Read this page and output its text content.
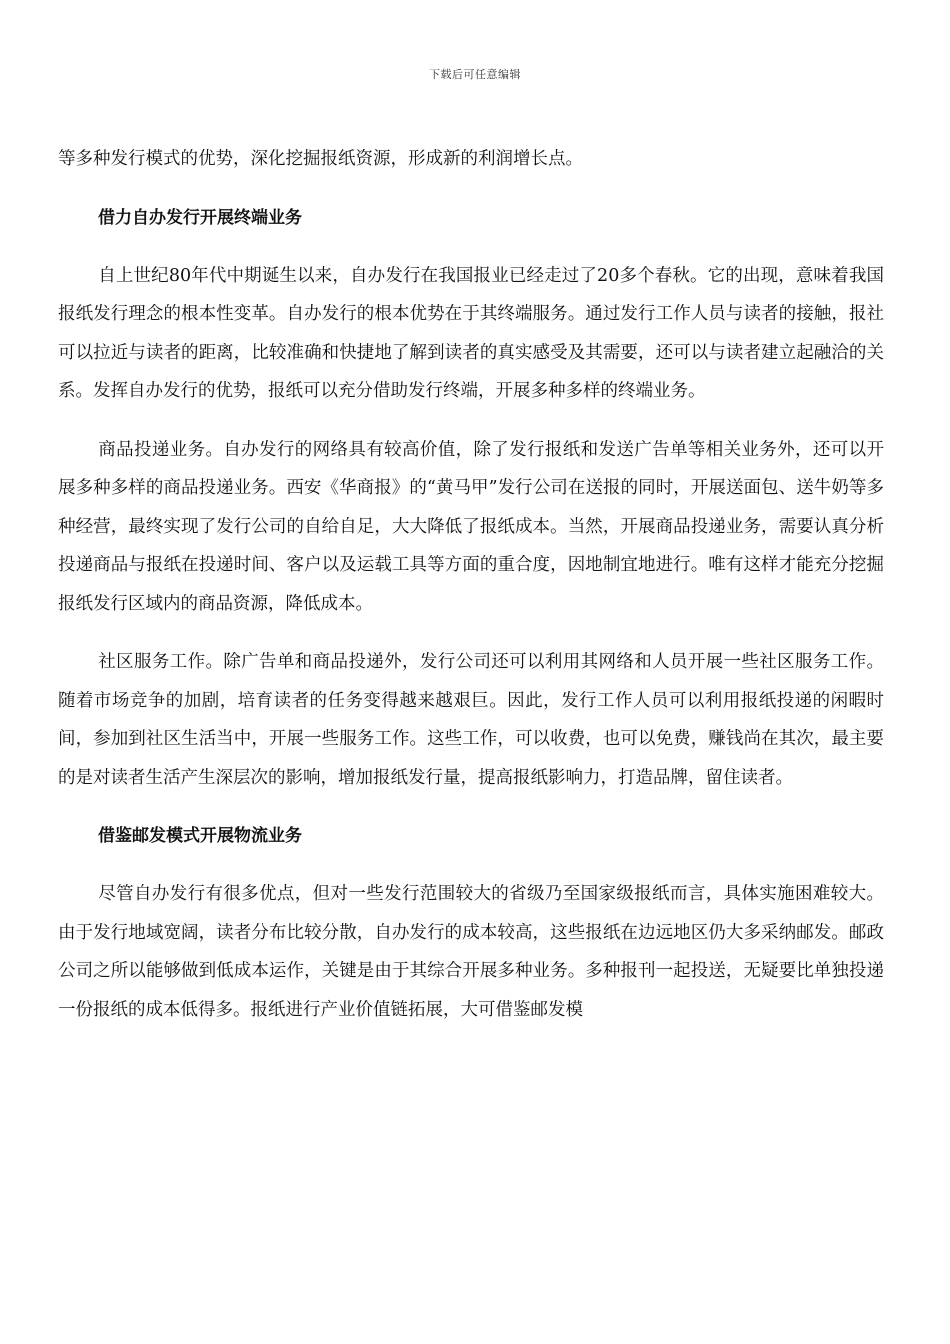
下载后可任意编辑

等多种发行模式的优势，深化挖掘报纸资源，形成新的利润增长点。

借力自办发行开展终端业务

自上世纪80年代中期诞生以来，自办发行在我国报业已经走过了20多个春秋。它的出现，意味着我国报纸发行理念的根本性变革。自办发行的根本优势在于其终端服务。通过发行工作人员与读者的接触，报社可以拉近与读者的距离，比较准确和快捷地了解到读者的真实感受及其需要，还可以与读者建立起融洽的关系。发挥自办发行的优势，报纸可以充分借助发行终端，开展多种多样的终端业务。

商品投递业务。自办发行的网络具有较高价值，除了发行报纸和发送广告单等相关业务外，还可以开展多种多样的商品投递业务。西安《华商报》的“黄马甲”发行公司在送报的同时，开展送面包、送牛奶等多种经营，最终实现了发行公司的自给自足，大大降低了报纸成本。当然，开展商品投递业务，需要认真分析投递商品与报纸在投递时间、客户以及运载工具等方面的重合度，因地制宜地进行。唯有这样才能充分挖掘报纸发行区域内的商品资源，降低成本。

社区服务工作。除广告单和商品投递外，发行公司还可以利用其网络和人员开展一些社区服务工作。随着市场竞争的加剧，培育读者的任务变得越来越艰巨。因此，发行工作人员可以利用报纸投递的闲暇时间，参加到社区生活当中，开展一些服务工作。这些工作，可以收费，也可以免费，赚钱尚在其次，最主要的是对读者生活产生深层次的影响，增加报纸发行量，提高报纸影响力，打造品牌，留住读者。

借鉴邮发模式开展物流业务

尽管自办发行有很多优点，但对一些发行范围较大的省级乃至国家级报纸而言，具体实施困难较大。由于发行地域宽阔，读者分布比较分散，自办发行的成本较高，这些报纸在边远地区仍大多采纳邮发。邮政公司之所以能够做到低成本运作，关键是由于其综合开展多种业务。多种报刊一起投送，无疑要比单独投递一份报纸的成本低得多。报纸进行产业价值链拓展，大可借鉴邮发模
